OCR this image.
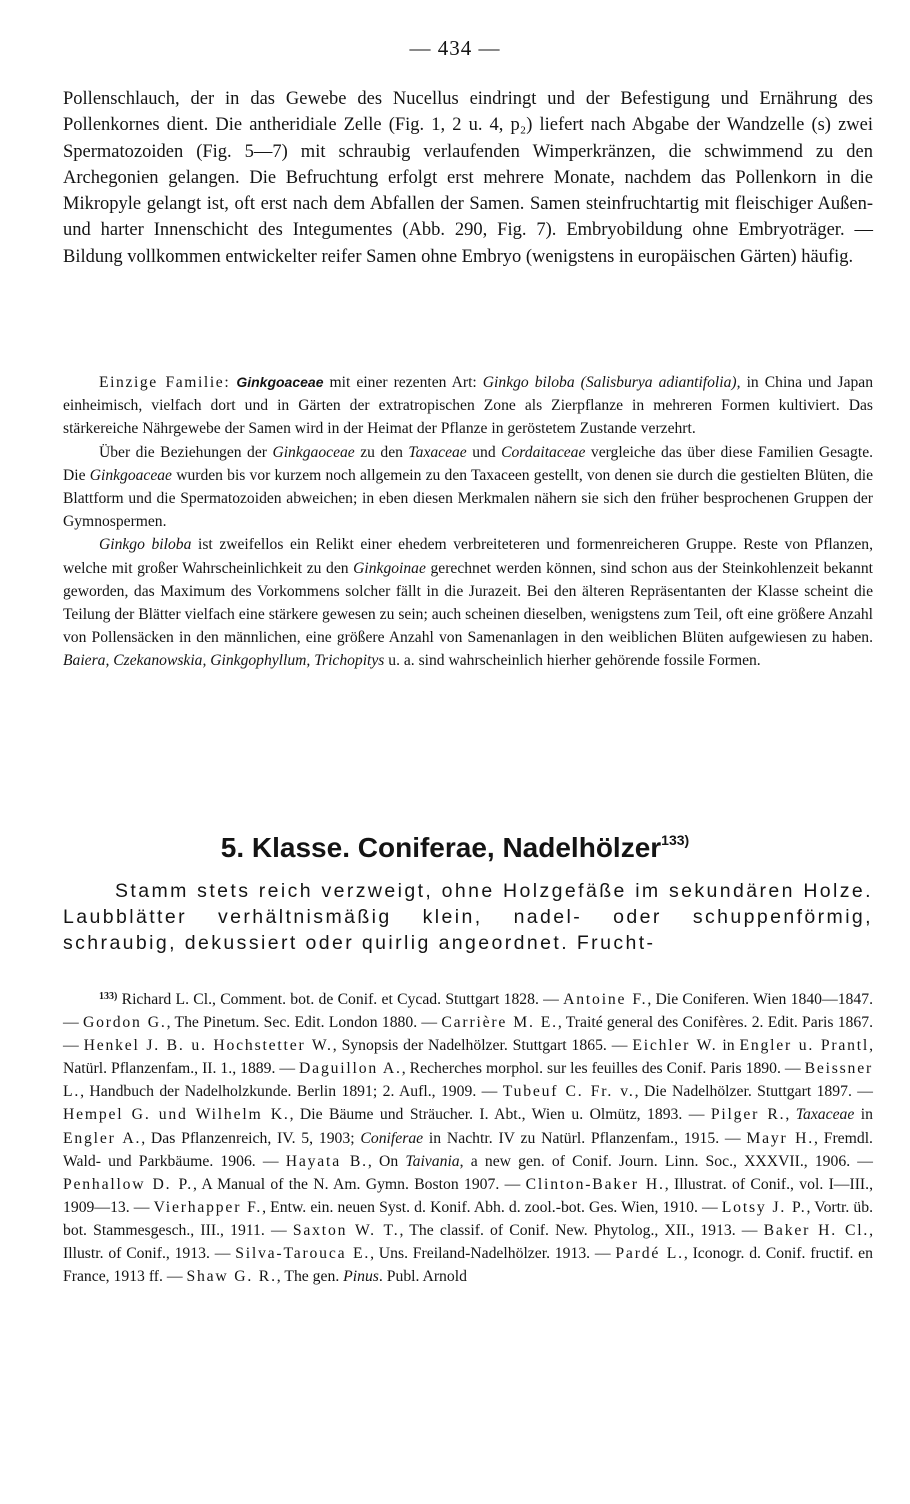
— 434 —

Pollenschlauch, der in das Gewebe des Nucellus eindringt und der Befestigung und Ernährung des Pollenkornes dient. Die antheridiale Zelle (Fig. 1, 2 u. 4, p₂) liefert nach Abgabe der Wandzelle (s) zwei Spermatozoiden (Fig. 5—7) mit schraubig verlaufenden Wimperkränzen, die schwimmend zu den Archegonien gelangen. Die Befruchtung erfolgt erst mehrere Monate, nachdem das Pollenkorn in die Mikropyle gelangt ist, oft erst nach dem Abfallen der Samen. Samen steinfruchtartig mit fleischiger Außen- und harter Innenschicht des Integumentes (Abb. 290, Fig. 7). Embryobildung ohne Embryoträger. — Bildung vollkommen entwickelter reifer Samen ohne Embryo (wenigstens in europäischen Gärten) häufig.

Einzige Familie: Ginkgoaceae mit einer rezenten Art: Ginkgo biloba (Salisburya adiantifolia), in China und Japan einheimisch, vielfach dort und in Gärten der extratropischen Zone als Zierpflanze in mehreren Formen kultiviert. Das stärkereiche Nährgewebe der Samen wird in der Heimat der Pflanze in geröstetem Zustande verzehrt.

Über die Beziehungen der Ginkgaoceae zu den Taxaceae und Cordaitaceae vergleiche das über diese Familien Gesagte. Die Ginkgoaceae wurden bis vor kurzem noch allgemein zu den Taxaceen gestellt, von denen sie durch die gestielten Blüten, die Blattform und die Spermatozoiden abweichen; in eben diesen Merkmalen nähern sie sich den früher besprochenen Gruppen der Gymnospermen.

Ginkgo biloba ist zweifellos ein Relikt einer ehedem verbreiteteren und formenreicheren Gruppe. Reste von Pflanzen, welche mit großer Wahrscheinlichkeit zu den Ginkgoinae gerechnet werden können, sind schon aus der Steinkohlenzeit bekannt geworden, das Maximum des Vorkommens solcher fällt in die Jurazeit. Bei den älteren Repräsentanten der Klasse scheint die Teilung der Blätter vielfach eine stärkere gewesen zu sein; auch scheinen dieselben, wenigstens zum Teil, oft eine größere Anzahl von Pollensäcken in den männlichen, eine größere Anzahl von Samenanlagen in den weiblichen Blüten aufgewiesen zu haben. Baiera, Czekanowskia, Ginkgophyllum, Trichopitys u. a. sind wahrscheinlich hierher gehörende fossile Formen.

5. Klasse. Coniferae, Nadelhölzer$^{133)}$

Stamm stets reich verzweigt, ohne Holzgefäße im sekundären Holze. Laubblätter verhältnismäßig klein, nadel- oder schuppenförmig, schraubig, dekussiert oder quirlig angeordnet. Frucht-

$^{133)}$ Richard L. Cl., Comment. bot. de Conif. et Cycad. Stuttgart 1828. — Antoine F., Die Coniferen. Wien 1840—1847. — Gordon G., The Pinetum. Sec. Edit. London 1880. — Carrière M. E., Traité general des Conifères. 2. Edit. Paris 1867. — Henkel J. B. u. Hochstetter W., Synopsis der Nadelhölzer. Stuttgart 1865. — Eichler W. in Engler u. Prantl, Natürl. Pflanzenfam., II. 1., 1889. — Daguillon A., Recherches morphol. sur les feuilles des Conif. Paris 1890. — Beissner L., Handbuch der Nadelholzkunde. Berlin 1891; 2. Aufl., 1909. — Tubeuf C. Fr. v., Die Nadelhölzer. Stuttgart 1897. — Hempel G. und Wilhelm K., Die Bäume und Sträucher. I. Abt., Wien u. Olmütz, 1893. — Pilger R., Taxaceae in Engler A., Das Pflanzenreich, IV. 5, 1903; Coniferae in Nachtr. IV zu Natürl. Pflanzenfam., 1915. — Mayr H., Fremdl. Wald- und Parkbäume. 1906. — Hayata B., On Taivania, a new gen. of Conif. Journ. Linn. Soc., XXXVII., 1906. — Penhallow D. P., A Manual of the N. Am. Gymn. Boston 1907. — Clinton-Baker H., Illustrat. of Conif., vol. I—III., 1909—13. — Vierhapper F., Entw. ein. neuen Syst. d. Konif. Abh. d. zool.-bot. Ges. Wien, 1910. — Lotsy J. P., Vortr. üb. bot. Stammesgesch., III., 1911. — Saxton W. T., The classif. of Conif. New. Phytolog., XII., 1913. — Baker H. Cl., Illustr. of Conif., 1913. — Silva-Tarouca E., Uns. Freiland-Nadelhölzer. 1913. — Pardé L., Iconogr. d. Conif. fructif. en France, 1913 ff. — Shaw G. R., The gen. Pinus. Publ. Arnold
